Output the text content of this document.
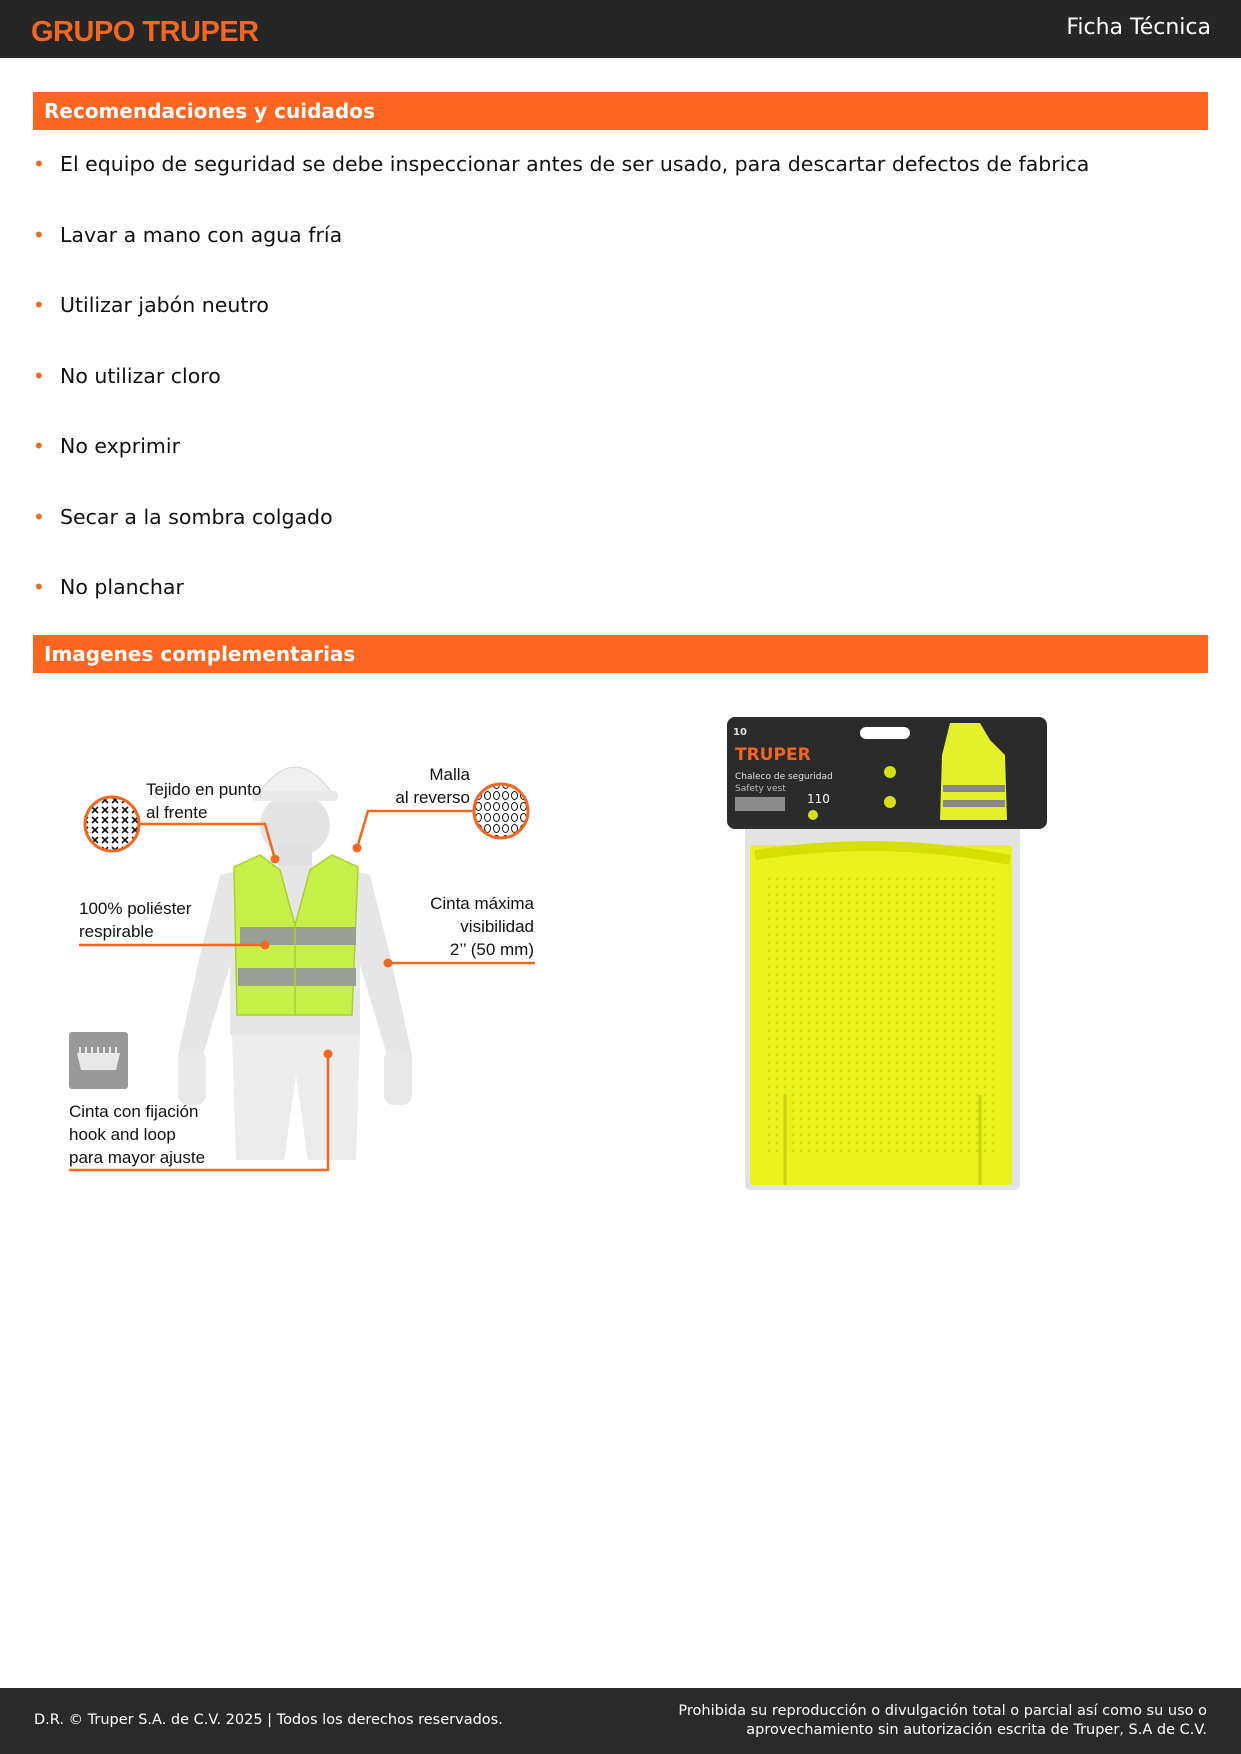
GRUPO TRUPER	Ficha Técnica
Recomendaciones y cuidados
• El equipo de seguridad se debe inspeccionar antes de ser usado, para descartar defectos de fabrica
• Lavar a mano con agua fría
• Utilizar jabón neutro
• No utilizar cloro
• No exprimir
• Secar a la sombra colgado
• No planchar
Imagenes complementarias
Tejido en punto
al frente
Malla
al reverso
100% poliéster
respirable
Cinta máxima
visibilidad
2’’ (50 mm)
Cinta con fijación
hook and loop
para mayor ajuste
10
TRUPER
Chaleco de seguridad
Safety vest
110
D.R. © Truper S.A. de C.V. 2025 | Todos los derechos reservados.
Prohibida su reproducción o divulgación total o parcial así como su uso o
aprovechamiento sin autorización escrita de Truper, S.A de C.V.
